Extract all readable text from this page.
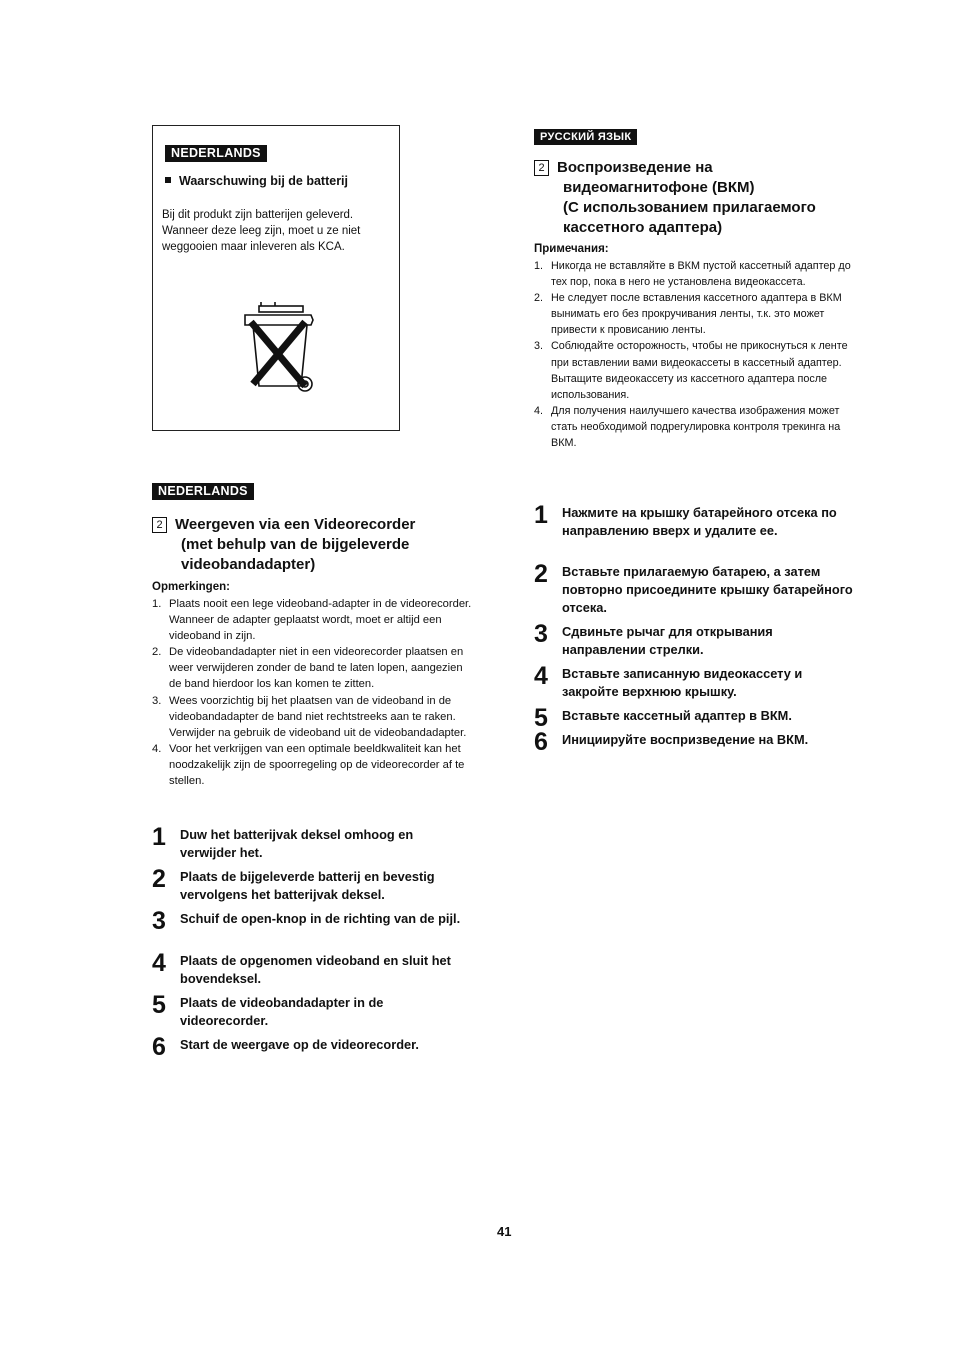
NEDERLANDS
Waarschuwing bij de batterij
Bij dit produkt zijn batterijen geleverd. Wanneer deze leeg zijn, moet u ze niet weggooien maar inleveren als KCA.
NEDERLANDS
2 Weergeven via een Videorecorder
(met behulp van de bijgeleverde
videobandadapter)
Opmerkingen:
1. Plaats nooit een lege videoband-adapter in de videorecorder. Wanneer de adapter geplaatst wordt, moet er altijd een videoband in zijn.
2. De videobandadapter niet in een videorecorder plaatsen en weer verwijderen zonder de band te laten lopen, aangezien de band hierdoor los kan komen te zitten.
3. Wees voorzichtig bij het plaatsen van de videoband in de videobandadapter de band niet rechtstreeks aan te raken. Verwijder na gebruik de videoband uit de videobandadapter.
4. Voor het verkrijgen van een optimale beeldkwaliteit kan het noodzakelijk zijn de spoorregeling op de videorecorder af te stellen.
1	Duw het batterijvak deksel omhoog en verwijder het.
2	Plaats de bijgeleverde batterij en bevestig vervolgens het batterijvak deksel.
3	Schuif de open-knop in de richting van de pijl.
4	Plaats de opgenomen videoband en sluit het bovendeksel.
5	Plaats de videobandadapter in de videorecorder.
6	Start de weergave op de videorecorder.
РУССКИЙ ЯЗЫК
2 Воспроизведение на
видеомагнитофоне (ВКМ)
(С использованием прилагаемого
кассетного адаптера)
Примечания:
1. Никогда не вставляйте в ВКМ пустой кассетный адаптер до тех пор, пока в него не установлена видеокассета.
2. Не следует после вставления кассетного адаптера в ВКМ вынимать его без прокручивания ленты, т.к. это может привести к провисанию ленты.
3. Соблюдайте осторожность, чтобы не прикоснуться к ленте при вставлении вами видеокассеты в кассетный адаптер. Вытащите видеокассету из кассетного адаптера после использования.
4. Для получения наилучшего качества изображения может стать необходимой подрегулировка контроля трекинга на ВКМ.
1	Нажмите на крышку батарейного отсека по направлению вверх и удалите ее.
2	Вставьте прилагаемую батарею, а затем повторно присоедините крышку батарейного отсека.
3	Сдвиньте рычаг для открывания направлении стрелки.
4	Вставьте записанную видеокассету и закройте верхнюю крышку.
5	Вставьте кассетный адаптер в ВКМ.
6	Инициируйте воспризведение на ВКМ.
41
